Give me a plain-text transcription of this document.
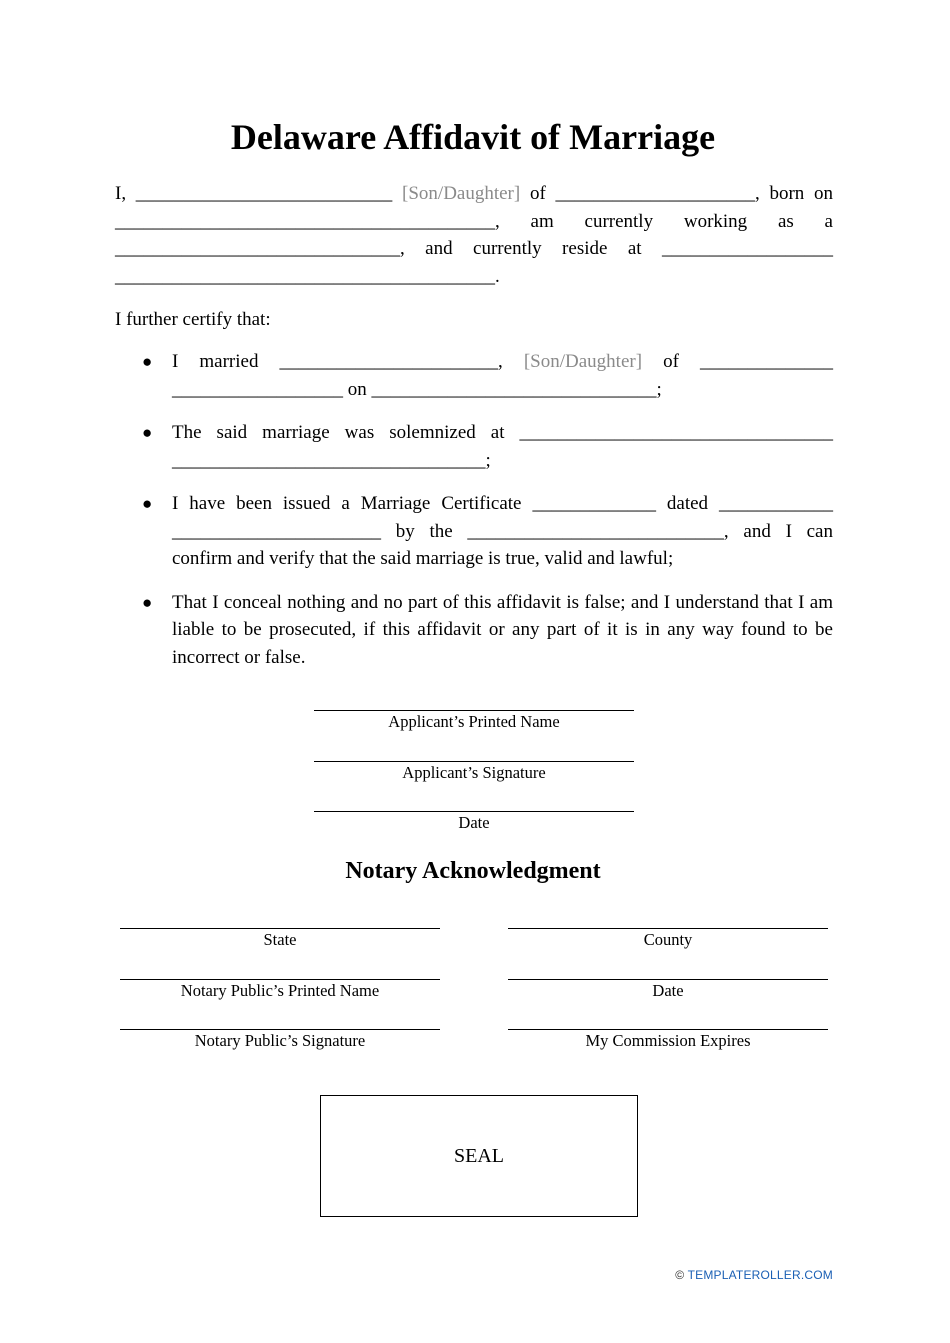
Delaware Affidavit of Marriage

I, ___________________________ [Son/Daughter] of _____________________, born on ________________________________________, am currently working as a ______________________________, and currently reside at __________________ ________________________________________.

I further certify that:

● I married _______________________, [Son/Daughter] of ______________ __________________ on ______________________________;
● The said marriage was solemnized at _________________________________ _________________________________;
● I have been issued a Marriage Certificate _____________ dated ____________ ______________________ by the ___________________________, and I can confirm and verify that the said marriage is true, valid and lawful;
● That I conceal nothing and no part of this affidavit is false; and I understand that I am liable to be prosecuted, if this affidavit or any part of it is in any way found to be incorrect or false.
Applicant’s Printed Name
Applicant’s Signature
Date
Notary Acknowledgment
State	County
Notary Public’s Printed Name	Date
Notary Public’s Signature	My Commission Expires
SEAL
© TEMPLATEROLLER.COM
